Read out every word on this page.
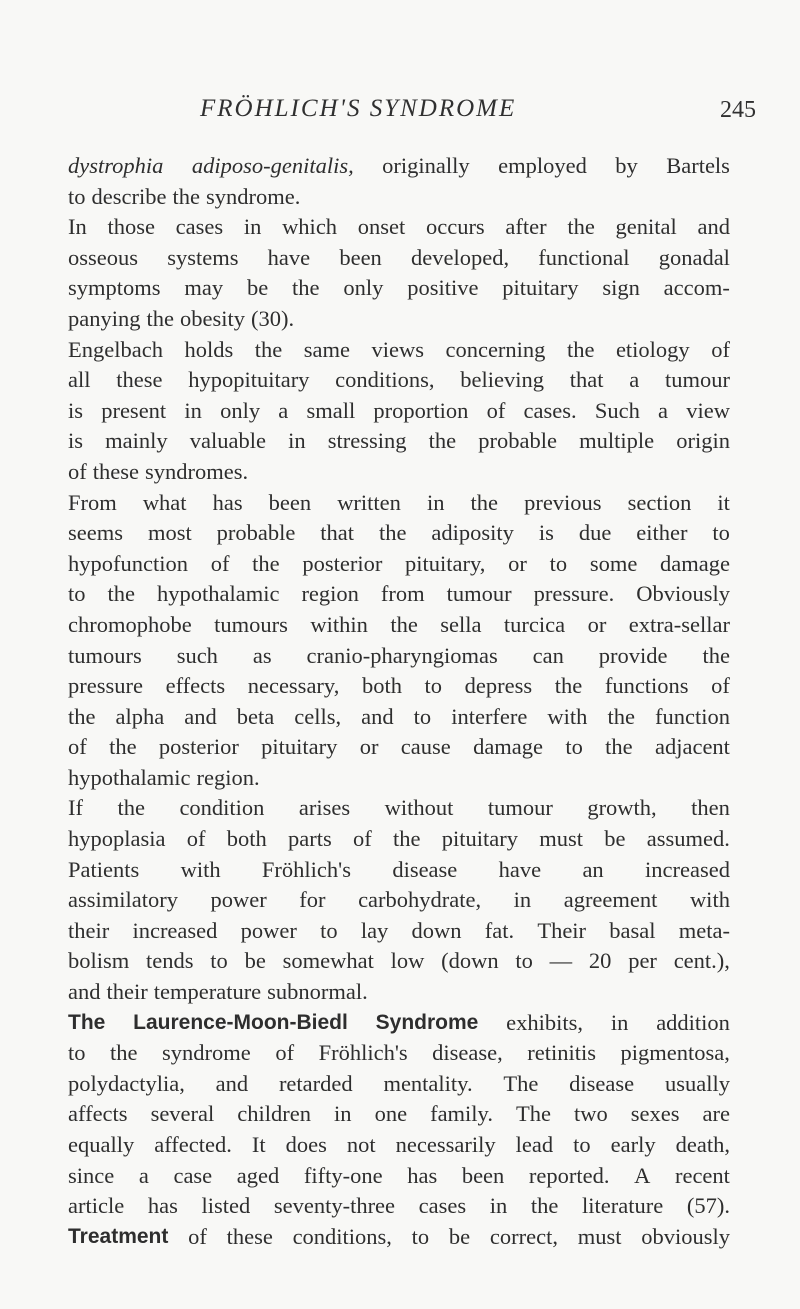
FRÖHLICH'S SYNDROME	245
dystrophia adiposo-genitalis, originally employed by Bartels
to describe the syndrome.
In those cases in which onset occurs after the genital and
osseous systems have been developed, functional gonadal
symptoms may be the only positive pituitary sign accom-
panying the obesity (30).
Engelbach holds the same views concerning the etiology of
all these hypopituitary conditions, believing that a tumour
is present in only a small proportion of cases. Such a view
is mainly valuable in stressing the probable multiple origin
of these syndromes.
From what has been written in the previous section it
seems most probable that the adiposity is due either to
hypofunction of the posterior pituitary, or to some damage
to the hypothalamic region from tumour pressure. Obviously
chromophobe tumours within the sella turcica or extra-sellar
tumours such as cranio-pharyngiomas can provide the
pressure effects necessary, both to depress the functions of
the alpha and beta cells, and to interfere with the function
of the posterior pituitary or cause damage to the adjacent
hypothalamic region.
If the condition arises without tumour growth, then
hypoplasia of both parts of the pituitary must be assumed.
Patients with Fröhlich's disease have an increased
assimilatory power for carbohydrate, in agreement with
their increased power to lay down fat. Their basal meta-
bolism tends to be somewhat low (down to — 20 per cent.),
and their temperature subnormal.
The Laurence-Moon-Biedl Syndrome exhibits, in addition
to the syndrome of Fröhlich's disease, retinitis pigmentosa,
polydactylia, and retarded mentality. The disease usually
affects several children in one family. The two sexes are
equally affected. It does not necessarily lead to early death,
since a case aged fifty-one has been reported. A recent
article has listed seventy-three cases in the literature (57).
Treatment of these conditions, to be correct, must obviously
